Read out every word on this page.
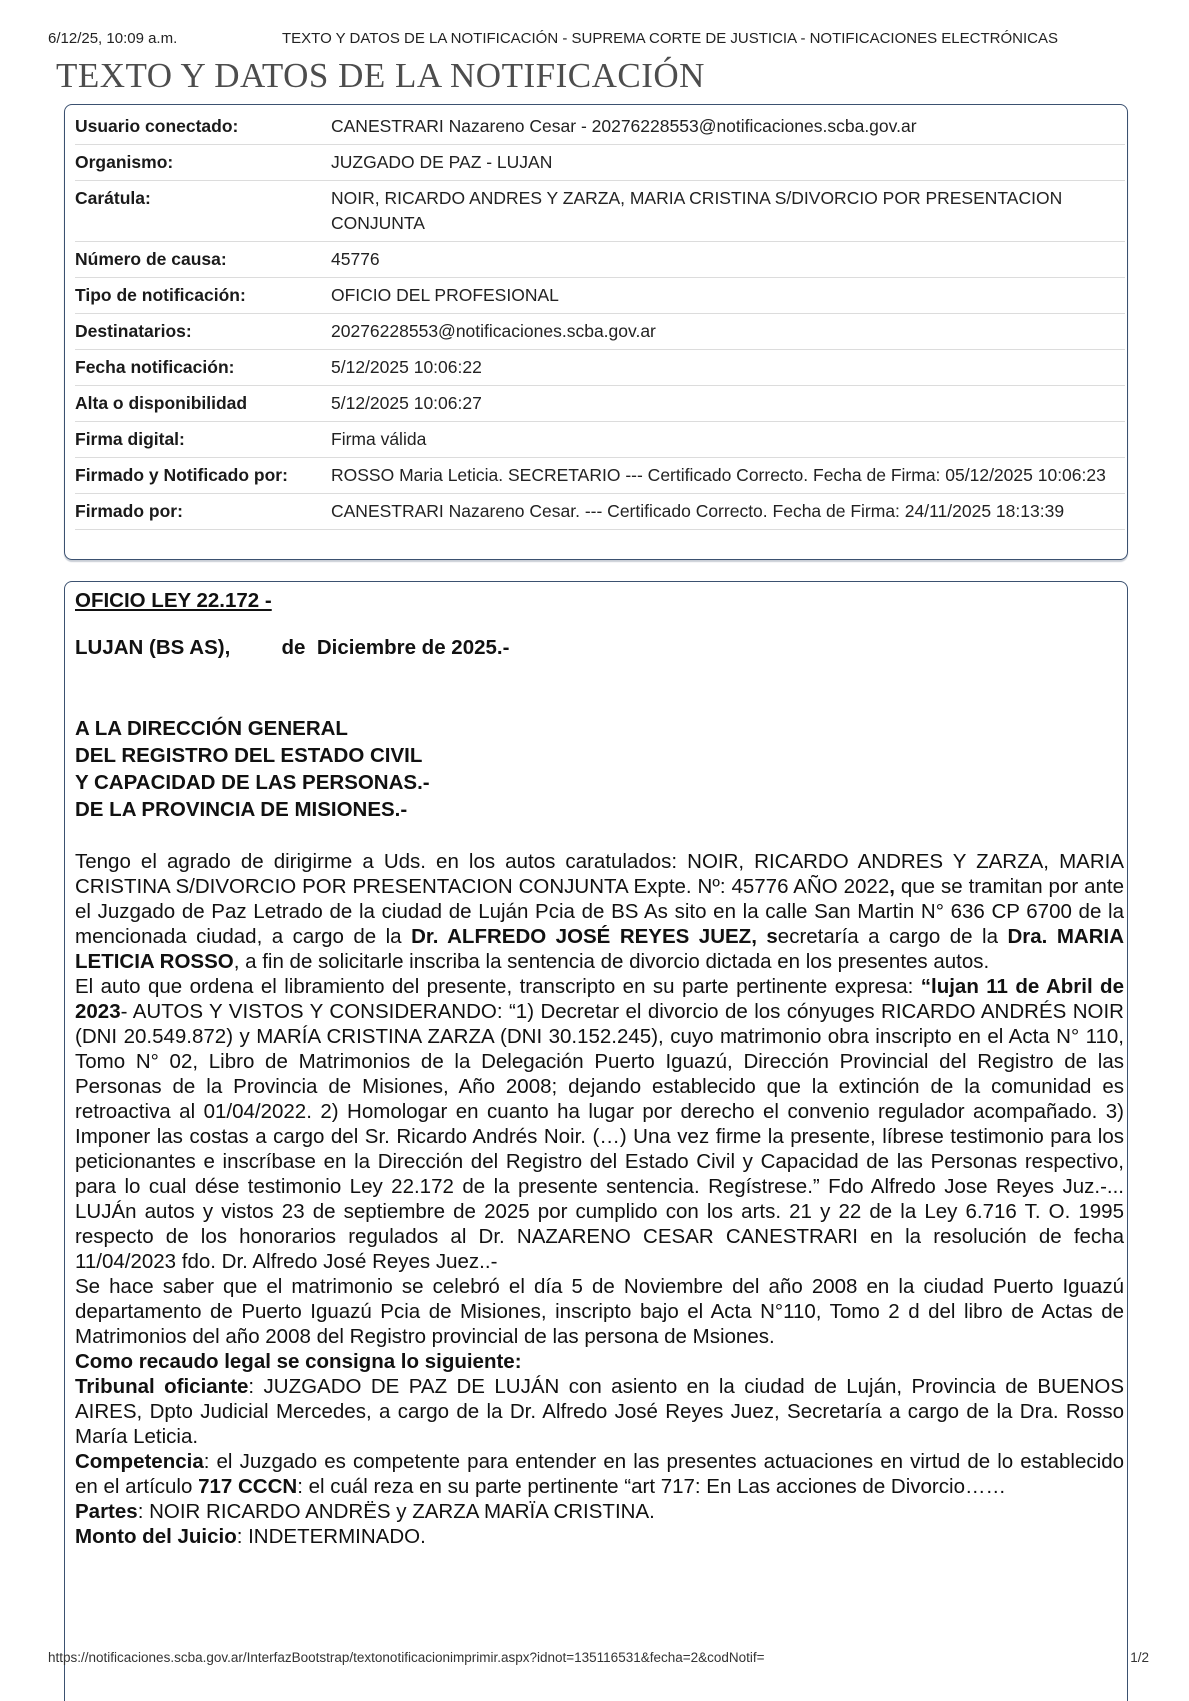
6/12/25, 10:09 a.m.	TEXTO Y DATOS DE LA NOTIFICACIÓN - SUPREMA CORTE DE JUSTICIA - NOTIFICACIONES ELECTRÓNICAS
TEXTO Y DATOS DE LA NOTIFICACIÓN
Usuario conectado:	CANESTRARI Nazareno Cesar - 20276228553@notificaciones.scba.gov.ar
Organismo:	JUZGADO DE PAZ - LUJAN
Carátula:	NOIR, RICARDO ANDRES Y ZARZA, MARIA CRISTINA S/DIVORCIO POR PRESENTACION CONJUNTA
Número de causa:	45776
Tipo de notificación:	OFICIO DEL PROFESIONAL
Destinatarios:	20276228553@notificaciones.scba.gov.ar
Fecha notificación:	5/12/2025 10:06:22
Alta o disponibilidad	5/12/2025 10:06:27
Firma digital:	Firma válida
Firmado y Notificado por:	ROSSO Maria Leticia. SECRETARIO --- Certificado Correcto. Fecha de Firma: 05/12/2025 10:06:23
Firmado por:	CANESTRARI Nazareno Cesar. --- Certificado Correcto. Fecha de Firma: 24/11/2025 18:13:39

OFICIO LEY 22.172 -

LUJAN (BS AS),         de  Diciembre de 2025.-

A LA DIRECCIÓN GENERAL

DEL REGISTRO DEL ESTADO CIVIL

Y CAPACIDAD DE LAS PERSONAS.-

DE LA PROVINCIA DE MISIONES.-

Tengo el agrado de dirigirme a Uds. en los autos caratulados: NOIR, RICARDO ANDRES Y ZARZA, MARIA CRISTINA S/DIVORCIO POR PRESENTACION CONJUNTA Expte. Nº: 45776 AÑO 2022, que se tramitan por ante el Juzgado de Paz Letrado de la ciudad de Luján Pcia de BS As sito en la calle San Martin N° 636 CP 6700 de la mencionada ciudad, a cargo de la Dr. ALFREDO JOSÉ REYES JUEZ, secretaría a cargo de la Dra. MARIA LETICIA ROSSO, a fin de solicitarle inscriba la sentencia de divorcio dictada en los presentes autos.

El auto que ordena el libramiento del presente, transcripto en su parte pertinente expresa: “lujan 11 de Abril de 2023- AUTOS Y VISTOS Y CONSIDERANDO: “1) Decretar el divorcio de los cónyuges RICARDO ANDRÉS NOIR (DNI 20.549.872) y MARÍA CRISTINA ZARZA (DNI 30.152.245), cuyo matrimonio obra inscripto en el Acta N° 110, Tomo N° 02, Libro de Matrimonios de la Delegación Puerto Iguazú, Dirección Provincial del Registro de las Personas de la Provincia de Misiones, Año 2008; dejando establecido que la extinción de la comunidad es retroactiva al 01/04/2022. 2) Homologar en cuanto ha lugar por derecho el convenio regulador acompañado. 3) Imponer las costas a cargo del Sr. Ricardo Andrés Noir. (…) Una vez firme la presente, líbrese testimonio para los peticionantes e inscríbase en la Dirección del Registro del Estado Civil y Capacidad de las Personas respectivo, para lo cual dése testimonio Ley 22.172 de la presente sentencia. Regístrese.” Fdo Alfredo Jose Reyes Juz.-... LUJÁn autos y vistos 23 de septiembre de 2025 por cumplido con los arts. 21 y 22 de la Ley 6.716 T. O. 1995 respecto de los honorarios regulados al Dr. NAZARENO CESAR CANESTRARI en la resolución de fecha 11/04/2023 fdo. Dr. Alfredo José Reyes Juez..-

Se hace saber que el matrimonio se celebró el día 5 de Noviembre del año 2008 en la ciudad Puerto Iguazú departamento de Puerto Iguazú Pcia de Misiones, inscripto bajo el Acta N°110, Tomo 2 d del libro de Actas de Matrimonios del año 2008 del Registro provincial de las persona de Msiones.

Como recaudo legal se consigna lo siguiente:

Tribunal oficiante: JUZGADO DE PAZ DE LUJÁN con asiento en la ciudad de Luján, Provincia de BUENOS AIRES, Dpto Judicial Mercedes, a cargo de la Dr. Alfredo José Reyes Juez, Secretaría a cargo de la Dra. Rosso María Leticia.

Competencia: el Juzgado es competente para entender en las presentes actuaciones en virtud de lo establecido en el artículo 717 CCCN: el cuál reza en su parte pertinente “art 717: En Las acciones de Divorcio……

Partes: NOIR RICARDO ANDRËS y ZARZA MARÏA CRISTINA.

Monto del Juicio: INDETERMINADO.

https://notificaciones.scba.gov.ar/InterfazBootstrap/textonotificacionimprimir.aspx?idnot=135116531&fecha=2&codNotif=	1/2
